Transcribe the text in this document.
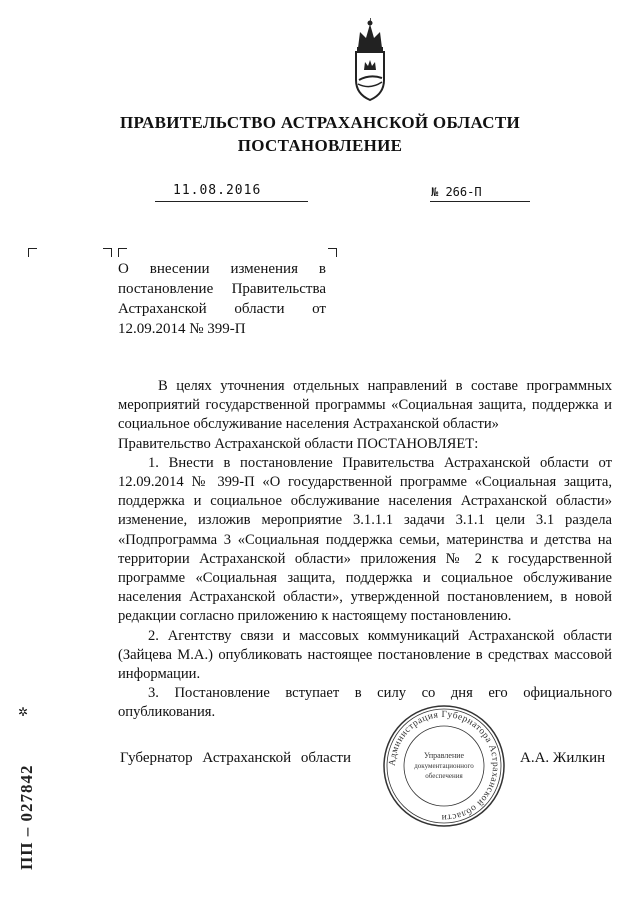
ПРАВИТЕЛЬСТВО АСТРАХАНСКОЙ ОБЛАСТИ
ПОСТАНОВЛЕНИЕ
11.08.2016	№ 266-П
О внесении изменения в постановление Правительства Астраханской области от 12.09.2014 № 399-П

В целях уточнения отдельных направлений в составе программных мероприятий государственной программы «Социальная защита, поддержка и социальное обслуживание населения Астраханской области»

Правительство Астраханской области ПОСТАНОВЛЯЕТ:

1. Внести в постановление Правительства Астраханской области от 12.09.2014 № 399-П «О государственной программе «Социальная защита, поддержка и социальное обслуживание населения Астраханской области» изменение, изложив мероприятие 3.1.1.1 задачи 3.1.1 цели 3.1 раздела «Подпрограмма 3 «Социальная поддержка семьи, материнства и детства на территории Астраханской области» приложения № 2 к государственной программе «Социальная защита, поддержка и социальное обслуживание населения Астраханской области», утвержденной постановлением, в новой редакции согласно приложению к настоящему постановлению.

2. Агентству связи и массовых коммуникаций Астраханской области (Зайцева М.А.) опубликовать настоящее постановление в средствах массовой информации.

3. Постановление вступает в силу со дня его официального опубликования.

Губернатор Астраханской области	А.А. Жилкин
Администрация Губернатора Астраханской области
Управление
документационного
обеспечения
ПП – 027842
✲
